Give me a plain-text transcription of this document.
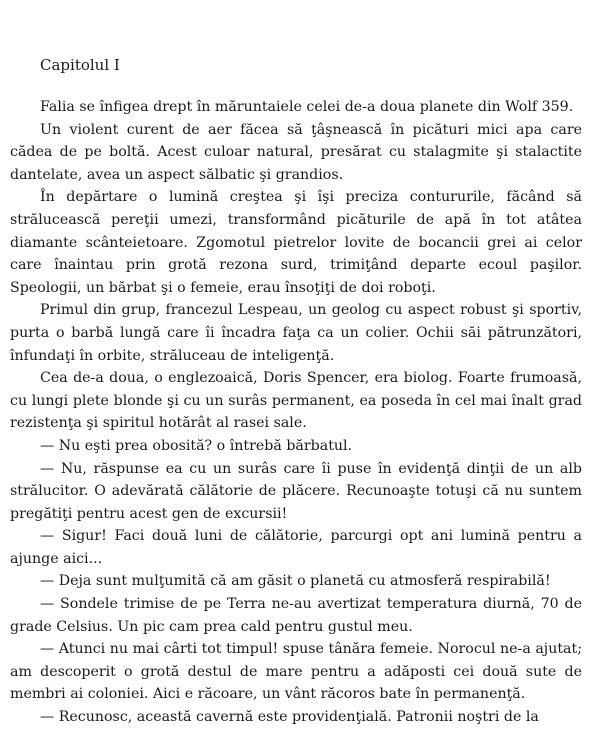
Capitolul I

Falia se înfigea drept în măruntaiele celei de-a doua planete din Wolf 359.

Un violent curent de aer făcea să ţâşnească în picături mici apa care cădea de pe boltă. Acest culoar natural, presărat cu stalagmite şi stalactite dantelate, avea un aspect sălbatic şi grandios.

În depărtare o lumină creştea şi îşi preciza contururile, făcând să strălucească pereţii umezi, transformând picăturile de apă în tot atâtea diamante scânteietoare. Zgomotul pietrelor lovite de bocancii grei ai celor care înaintau prin grotă rezona surd, trimiţând departe ecoul paşilor. Speologii, un bărbat şi o femeie, erau însoţiţi de doi roboţi.

Primul din grup, francezul Lespeau, un geolog cu aspect robust şi sportiv, purta o barbă lungă care îi încadra faţa ca un colier. Ochii săi pătrunzători, înfundaţi în orbite, străluceau de inteligenţă.

Cea de-a doua, o englezoaică, Doris Spencer, era biolog. Foarte frumoasă, cu lungi plete blonde şi cu un surâs permanent, ea poseda în cel mai înalt grad rezistenţa şi spiritul hotărât al rasei sale.

— Nu eşti prea obosită? o întrebă bărbatul.

— Nu, răspunse ea cu un surâs care îi puse în evidenţă dinţii de un alb strălucitor. O adevărată călătorie de plăcere. Recunoaşte totuşi că nu suntem pregătiţi pentru acest gen de excursii!

— Sigur! Faci două luni de călătorie, parcurgi opt ani lumină pentru a ajunge aici...

— Deja sunt mulţumită că am găsit o planetă cu atmosferă respirabilă!

— Sondele trimise de pe Terra ne-au avertizat temperatura diurnă, 70 de grade Celsius. Un pic cam prea cald pentru gustul meu.

— Atunci nu mai cârti tot timpul! spuse tânăra femeie. Norocul ne-a ajutat; am descoperit o grotă destul de mare pentru a adăposti cei două sute de membri ai coloniei. Aici e răcoare, un vânt răcoros bate în permanenţă.

— Recunosc, această cavernă este providenţială. Patronii noştri de la
